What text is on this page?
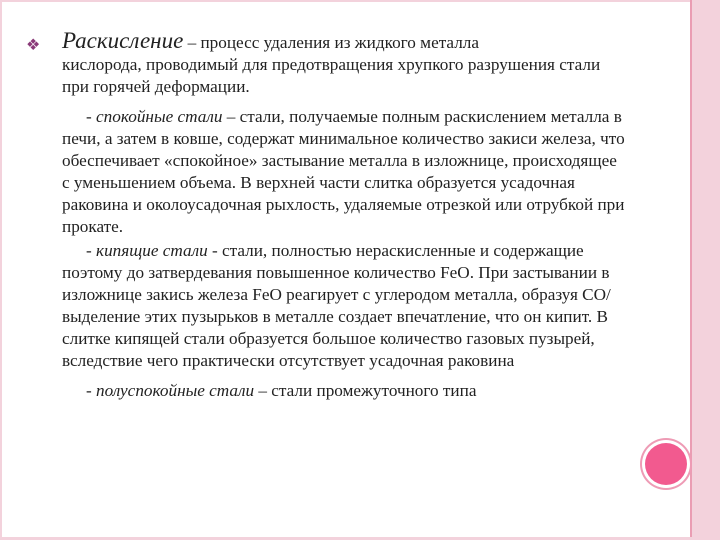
❖ Раскисление – процесс удаления из жидкого металла
кислорода, проводимый для предотвращения хрупкого разрушения стали при горячей деформации.

- спокойные стали – стали, получаемые полным раскислением металла в печи, а затем в ковше, содержат минимальное количество закиси железа, что обеспечивает «спокойное» застывание металла в изложнице, происходящее с уменьшением объема. В верхней части слитка образуется усадочная раковина и околоусадочная рыхлость, удаляемые отрезкой или отрубкой при прокате.

- кипящие стали - стали, полностью нераскисленные и содержащие поэтому до затвердевания повышенное количество FeO. При застывании в изложнице закись железа FeO реагирует с углеродом металла, образуя СО/ выделение этих пузырьков в металле создает впечатление, что он кипит. В слитке кипящей стали образуется большое количество газовых пузырей, вследствие чего практически отсутствует усадочная раковина

- полуспокойные стали – стали промежуточного типа
